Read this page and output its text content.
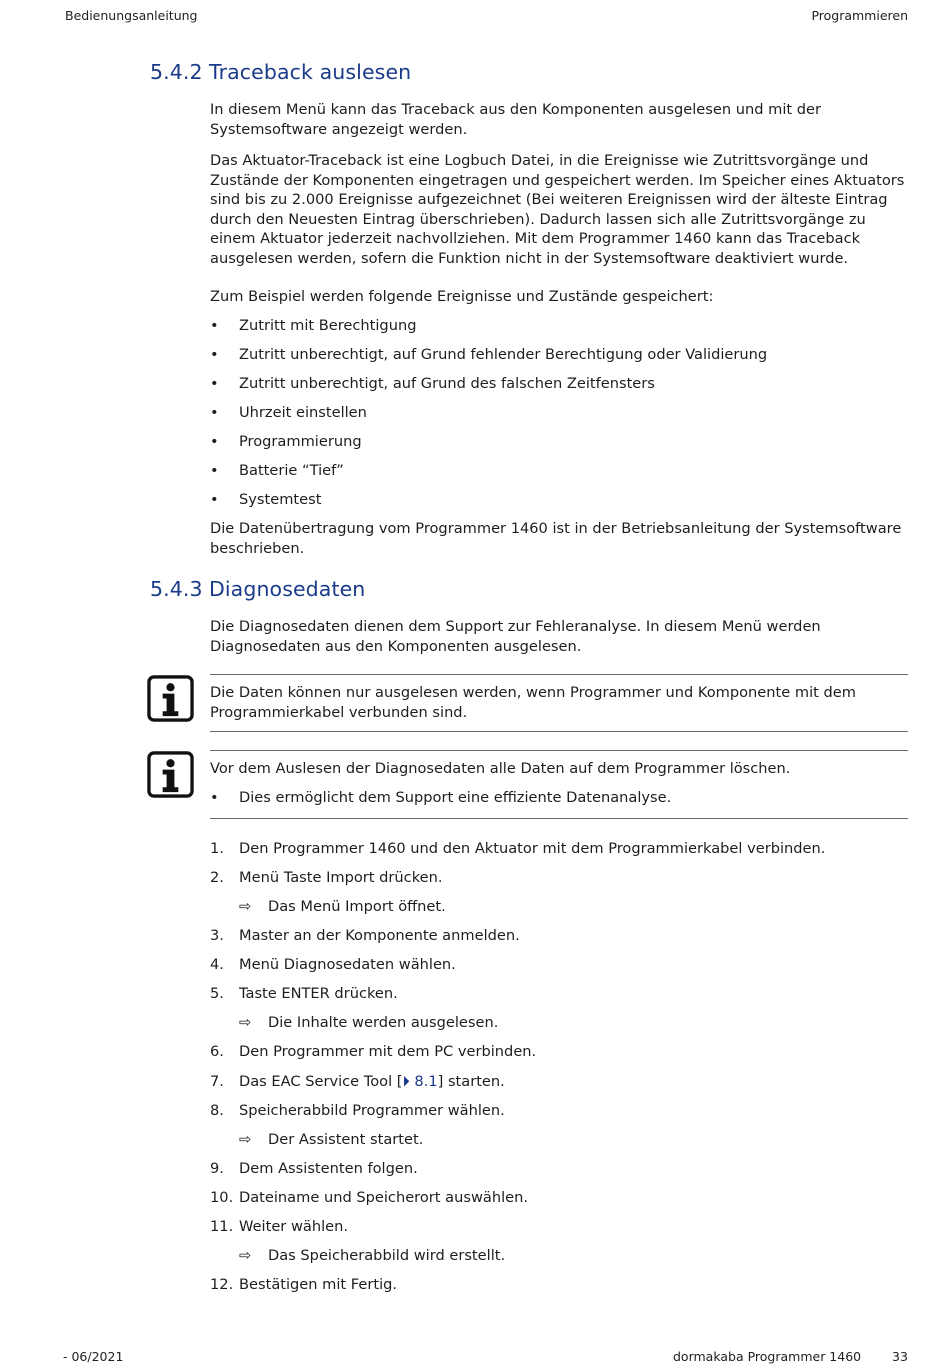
Bedienungsanleitung	Programmieren
5.4.2 Traceback auslesen

In diesem Menü kann das Traceback aus den Komponenten ausgelesen und mit der Systemsoftware angezeigt werden.

Das Aktuator-Traceback ist eine Logbuch Datei, in die Ereignisse wie Zutrittsvorgänge und Zustände der Komponenten eingetragen und gespeichert werden. Im Speicher eines Aktuators sind bis zu 2.000 Ereignisse aufgezeichnet (Bei weiteren Ereignissen wird der älteste Eintrag durch den Neuesten Eintrag überschrieben). Dadurch lassen sich alle Zutrittsvorgänge zu einem Aktuator jederzeit nachvollziehen. Mit dem Programmer 1460 kann das Traceback ausgelesen werden, sofern die Funktion nicht in der Systemsoftware deaktiviert wurde.

Zum Beispiel werden folgende Ereignisse und Zustände gespeichert:

• Zutritt mit Berechtigung
• Zutritt unberechtigt, auf Grund fehlender Berechtigung oder Validierung
• Zutritt unberechtigt, auf Grund des falschen Zeitfensters
• Uhrzeit einstellen
• Programmierung
• Batterie “Tief”
• Systemtest

Die Datenübertragung vom Programmer 1460 ist in der Betriebsanleitung der Systemsoftware beschrieben.

5.4.3 Diagnosedaten

Die Diagnosedaten dienen dem Support zur Fehleranalyse. In diesem Menü werden Diagnosedaten aus den Komponenten ausgelesen.

Die Daten können nur ausgelesen werden, wenn Programmer und Komponente mit dem Programmierkabel verbunden sind.

Vor dem Auslesen der Diagnosedaten alle Daten auf dem Programmer löschen.

• Dies ermöglicht dem Support eine effiziente Datenanalyse.
1. Den Programmer 1460 und den Aktuator mit dem Programmierkabel verbinden.
2. Menü Taste Import drücken.
⇨ Das Menü Import öffnet.
3. Master an der Komponente anmelden.
4. Menü Diagnosedaten wählen.
5. Taste ENTER drücken.
⇨ Die Inhalte werden ausgelesen.
6. Den Programmer mit dem PC verbinden.
7. Das EAC Service Tool [⏵ 8.1] starten.
8. Speicherabbild Programmer wählen.
⇨ Der Assistent startet.
9. Dem Assistenten folgen.
10. Dateiname und Speicherort auswählen.
11. Weiter wählen.
⇨ Das Speicherabbild wird erstellt.
12. Bestätigen mit Fertig.
- 06/2021	dormakaba Programmer 1460 33
